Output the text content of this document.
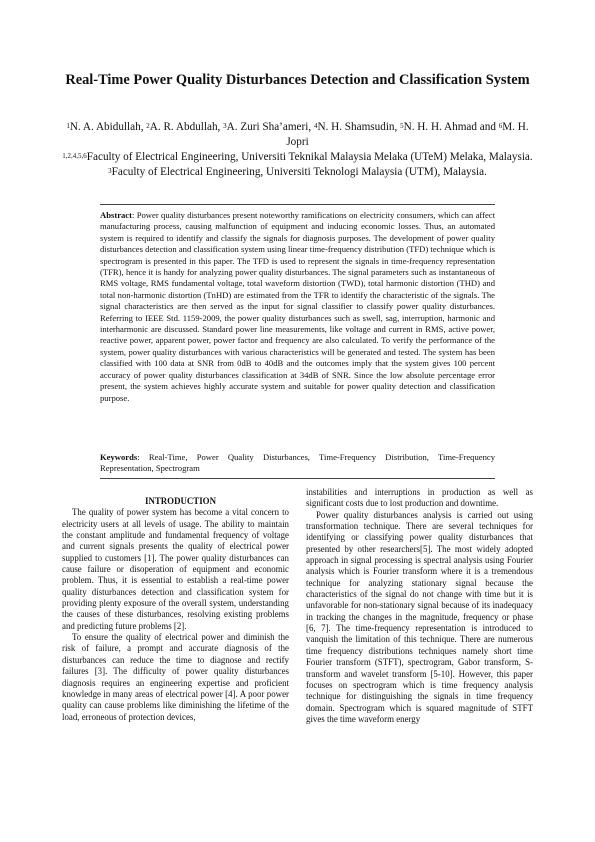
Real-Time Power Quality Disturbances Detection and Classification System
$^1$N. A. Abidullah, $^2$A. R. Abdullah, $^3$A. Zuri Sha’ameri, $^4$N. H. Shamsudin, $^5$N. H. H. Ahmad and $^6$M. H. Jopri
$^{1,2,4,5,6}$Faculty of Electrical Engineering, Universiti Teknikal Malaysia Melaka (UTeM) Melaka, Malaysia.
$^3$Faculty of Electrical Engineering, Universiti Teknologi Malaysia (UTM), Malaysia.
Abstract: Power quality disturbances present noteworthy ramifications on electricity consumers, which can affect manufacturing process, causing malfunction of equipment and inducing economic losses. Thus, an automated system is required to identify and classify the signals for diagnosis purposes. The development of power quality disturbances detection and classification system using linear time-frequency distribution (TFD) technique which is spectrogram is presented in this paper. The TFD is used to represent the signals in time-frequency representation (TFR), hence it is handy for analyzing power quality disturbances. The signal parameters such as instantaneous of RMS voltage, RMS fundamental voltage, total waveform distortion (TWD), total harmonic distortion (THD) and total non-harmonic distortion (TnHD) are estimated from the TFR to identify the characteristic of the signals. The signal characteristics are then served as the input for signal classifier to classify power quality disturbances. Referring to IEEE Std. 1159-2009, the power quality disturbances such as swell, sag, interruption, harmonic and interharmonic are discussed. Standard power line measurements, like voltage and current in RMS, active power, reactive power, apparent power, power factor and frequency are also calculated. To verify the performance of the system, power quality disturbances with various characteristics will be generated and tested. The system has been classified with 100 data at SNR from 0dB to 40dB and the outcomes imply that the system gives 100 percent accuracy of power quality disturbances classification at 34dB of SNR. Since the low absolute percentage error present, the system achieves highly accurate system and suitable for power quality detection and classification purpose.
Keywords: Real-Time, Power Quality Disturbances, Time-Frequency Distribution, Time-Frequency Representation, Spectrogram

INTRODUCTION

The quality of power system has become a vital concern to electricity users at all levels of usage. The ability to maintain the constant amplitude and fundamental frequency of voltage and current signals presents the quality of electrical power supplied to customers [1]. The power quality disturbances can cause failure or disoperation of equipment and economic problem. Thus, it is essential to establish a real-time power quality disturbances detection and classification system for providing plenty exposure of the overall system, understanding the causes of these disturbances, resolving existing problems and predicting future problems [2].

To ensure the quality of electrical power and diminish the risk of failure, a prompt and accurate diagnosis of the disturbances can reduce the time to diagnose and rectify failures [3]. The difficulty of power quality disturbances diagnosis requires an engineering expertise and proficient knowledge in many areas of electrical power [4]. A poor power quality can cause problems like diminishing the lifetime of the load, erroneous of protection devices,

instabilities and interruptions in production as well as significant costs due to lost production and downtime.

Power quality disturbances analysis is carried out using transformation technique. There are several techniques for identifying or classifying power quality disturbances that presented by other researchers[5]. The most widely adopted approach in signal processing is spectral analysis using Fourier analysis which is Fourier transform where it is a tremendous technique for analyzing stationary signal because the characteristics of the signal do not change with time but it is unfavorable for non-stationary signal because of its inadequacy in tracking the changes in the magnitude, frequency or phase [6, 7]. The time-frequency representation is introduced to vanquish the limitation of this technique. There are numerous time frequency distributions techniques namely short time Fourier transform (STFT), spectrogram, Gabor transform, S-transform and wavelet transform [5-10]. However, this paper focuses on spectrogram which is time frequency analysis technique for distinguishing the signals in time frequency domain. Spectrogram which is squared magnitude of STFT gives the time waveform energy
